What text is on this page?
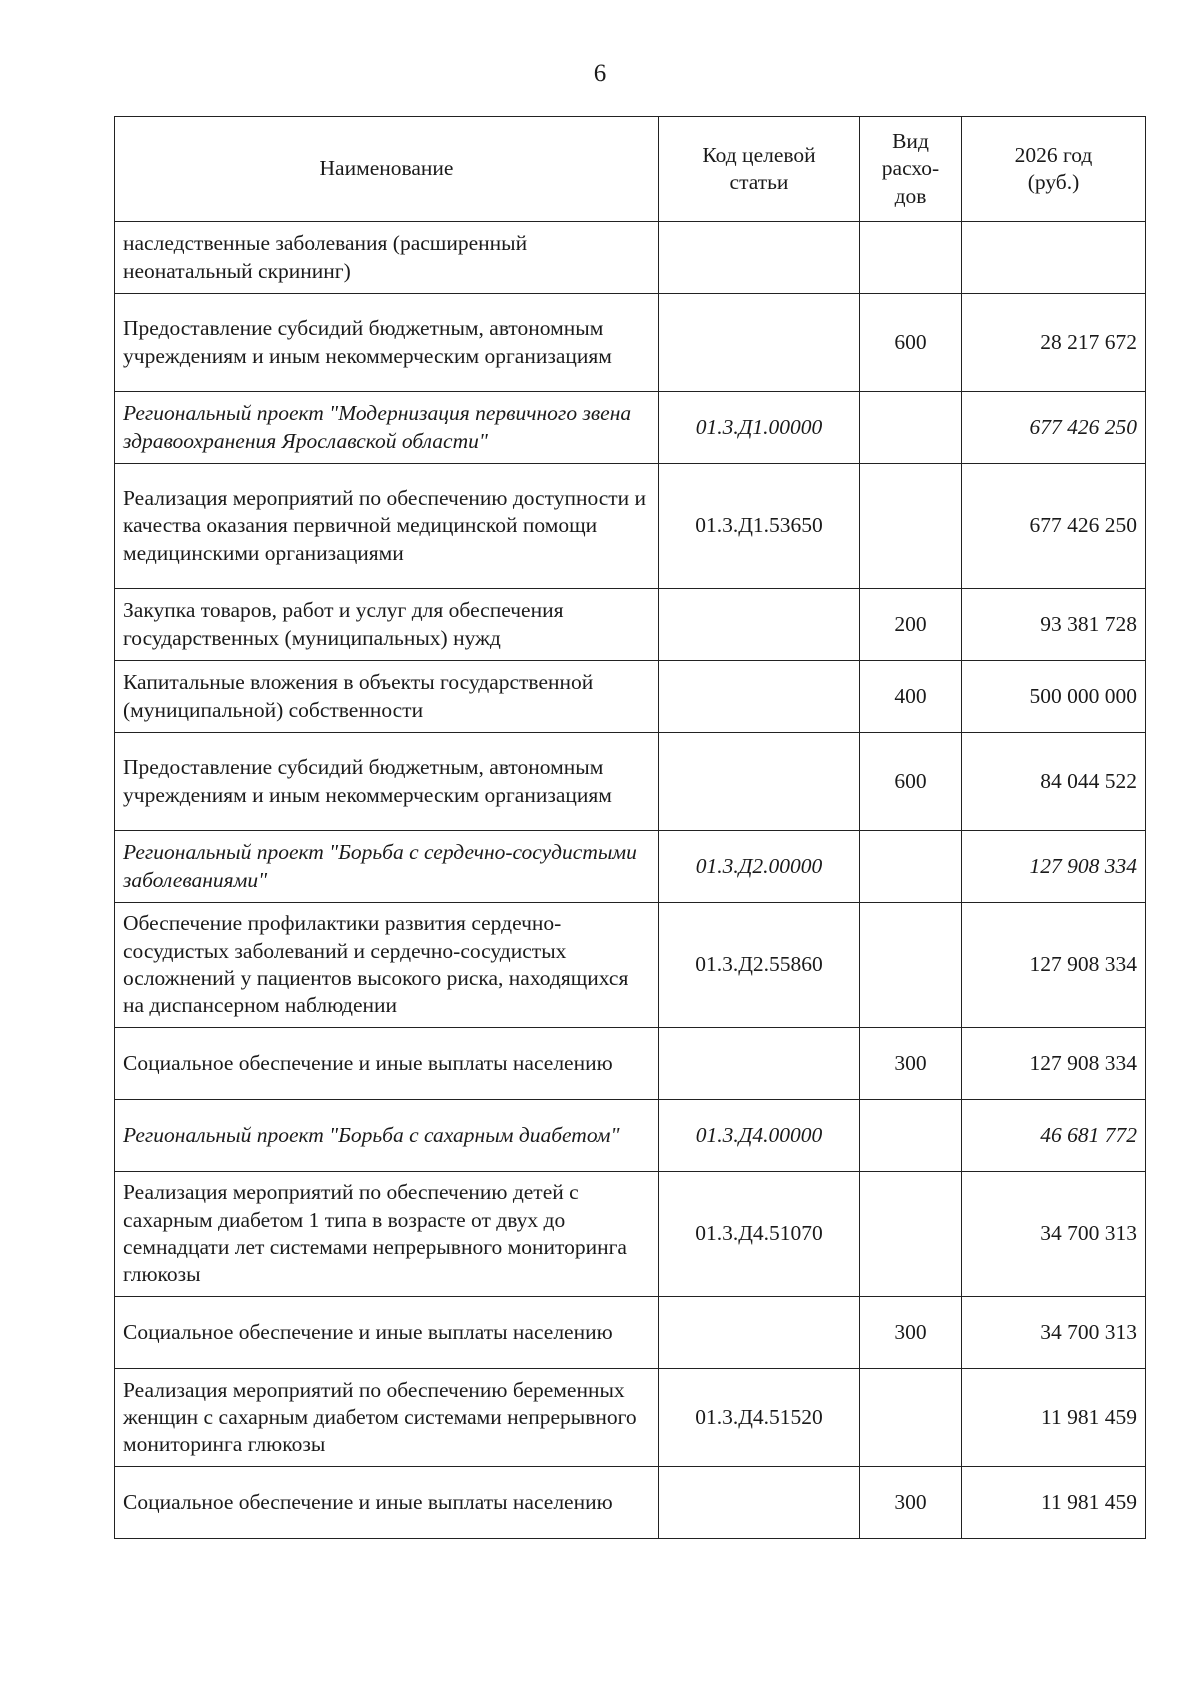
6
Наименование	Код целевой статьи	Вид расхо-дов	2026 год (руб.)
наследственные заболевания (расширенный неонатальный скрининг)			
Предоставление субсидий бюджетным, автономным учреждениям и иным некоммерческим организациям		600	28 217 672
Региональный проект "Модернизация первичного звена здравоохранения Ярославской области"	01.3.Д1.00000		677 426 250
Реализация мероприятий по обеспечению доступности и качества оказания первичной медицинской помощи медицинскими организациями	01.3.Д1.53650		677 426 250
Закупка товаров, работ и услуг для обеспечения государственных (муниципальных) нужд		200	93 381 728
Капитальные вложения в объекты государственной (муниципальной) собственности		400	500 000 000
Предоставление субсидий бюджетным, автономным учреждениям и иным некоммерческим организациям		600	84 044 522
Региональный проект "Борьба с сердечно-сосудистыми заболеваниями"	01.3.Д2.00000		127 908 334
Обеспечение профилактики развития сердечно-сосудистых заболеваний и сердечно-сосудистых осложнений у пациентов высокого риска, находящихся на диспансерном наблюдении	01.3.Д2.55860		127 908 334
Социальное обеспечение и иные выплаты населению		300	127 908 334
Региональный проект "Борьба с сахарным диабетом"	01.3.Д4.00000		46 681 772
Реализация мероприятий по обеспечению детей с сахарным диабетом 1 типа в возрасте от двух до семнадцати лет системами непрерывного мониторинга глюкозы	01.3.Д4.51070		34 700 313
Социальное обеспечение и иные выплаты населению		300	34 700 313
Реализация мероприятий по обеспечению беременных женщин с сахарным диабетом системами непрерывного мониторинга глюкозы	01.3.Д4.51520		11 981 459
Социальное обеспечение и иные выплаты населению		300	11 981 459
